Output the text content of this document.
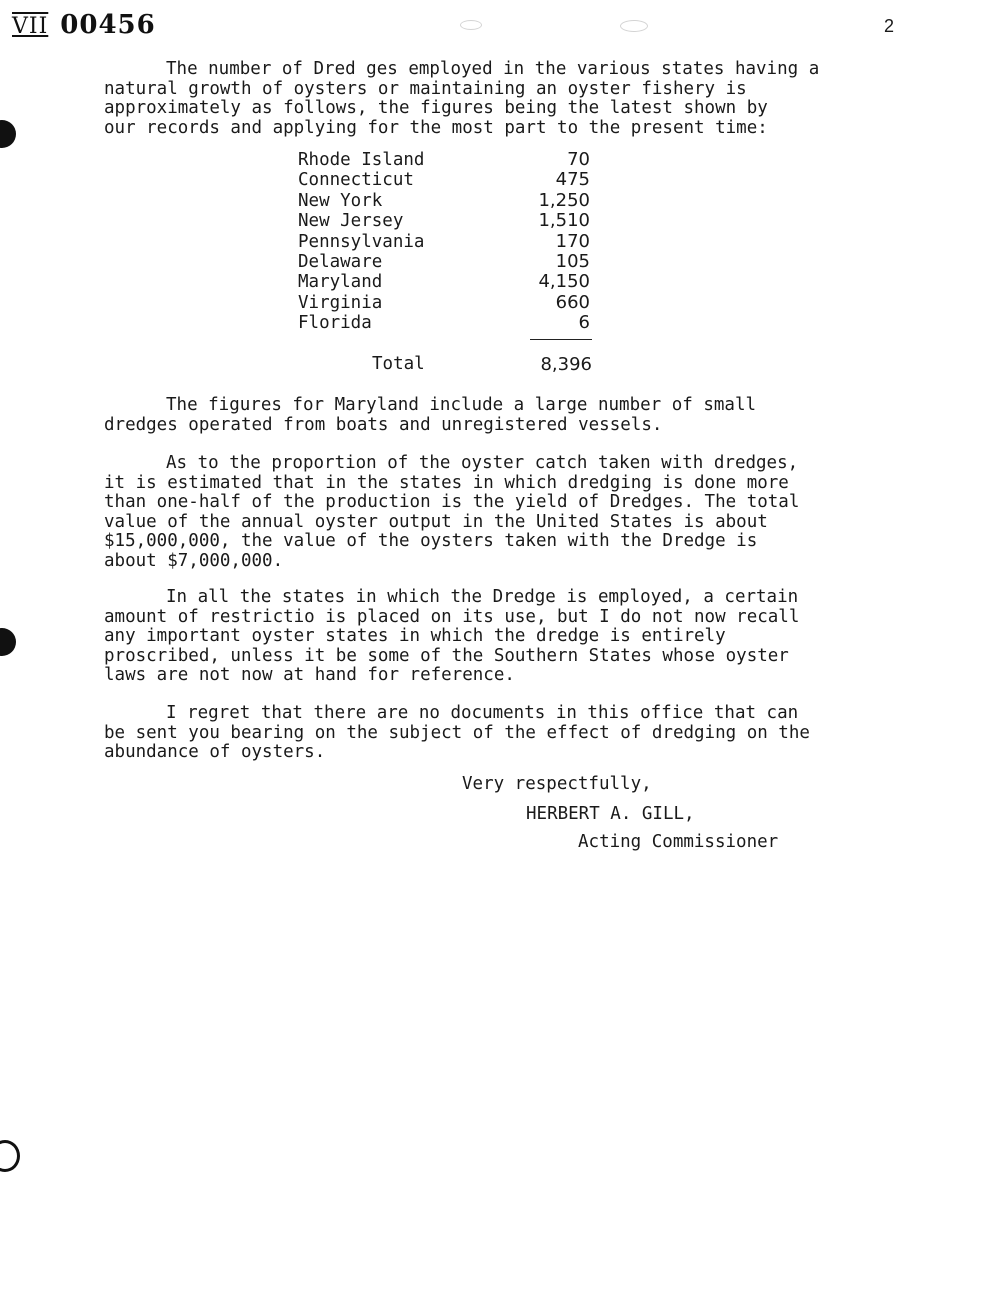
VII 00456	2

The number of Dred ges employed in the various states having a
natural growth of oysters or maintaining an oyster fishery is
approximately as follows, the figures being the latest shown by
our records and applying for the most part to the present time:

Rhode Island	70
Connecticut	475
New York	1,250
New Jersey	1,510
Pennsylvania	170
Delaware	105
Maryland	4,150
Virginia	660
Florida	6
Total	8,396

The figures for Maryland include a large number of small
dredges operated from boats and unregistered vessels.

As to the proportion of the oyster catch taken with dredges,
it is estimated that in the states in which dredging is done more
than one-half of the production is the yield of Dredges. The total
value of the annual oyster output in the United States is about
$15,000,000, the value of the oysters taken with the Dredge is
about $7,000,000.

In all the states in which the Dredge is employed, a certain
amount of restrictio is placed on its use, but I do not now recall
any important oyster states in which the dredge is entirely
proscribed, unless it be some of the Southern States whose oyster
laws are not now at hand for reference.

I regret that there are no documents in this office that can
be sent you bearing on the subject of the effect of dredging on the
abundance of oysters.

Very respectfully,
HERBERT A. GILL,
Acting Commissioner
